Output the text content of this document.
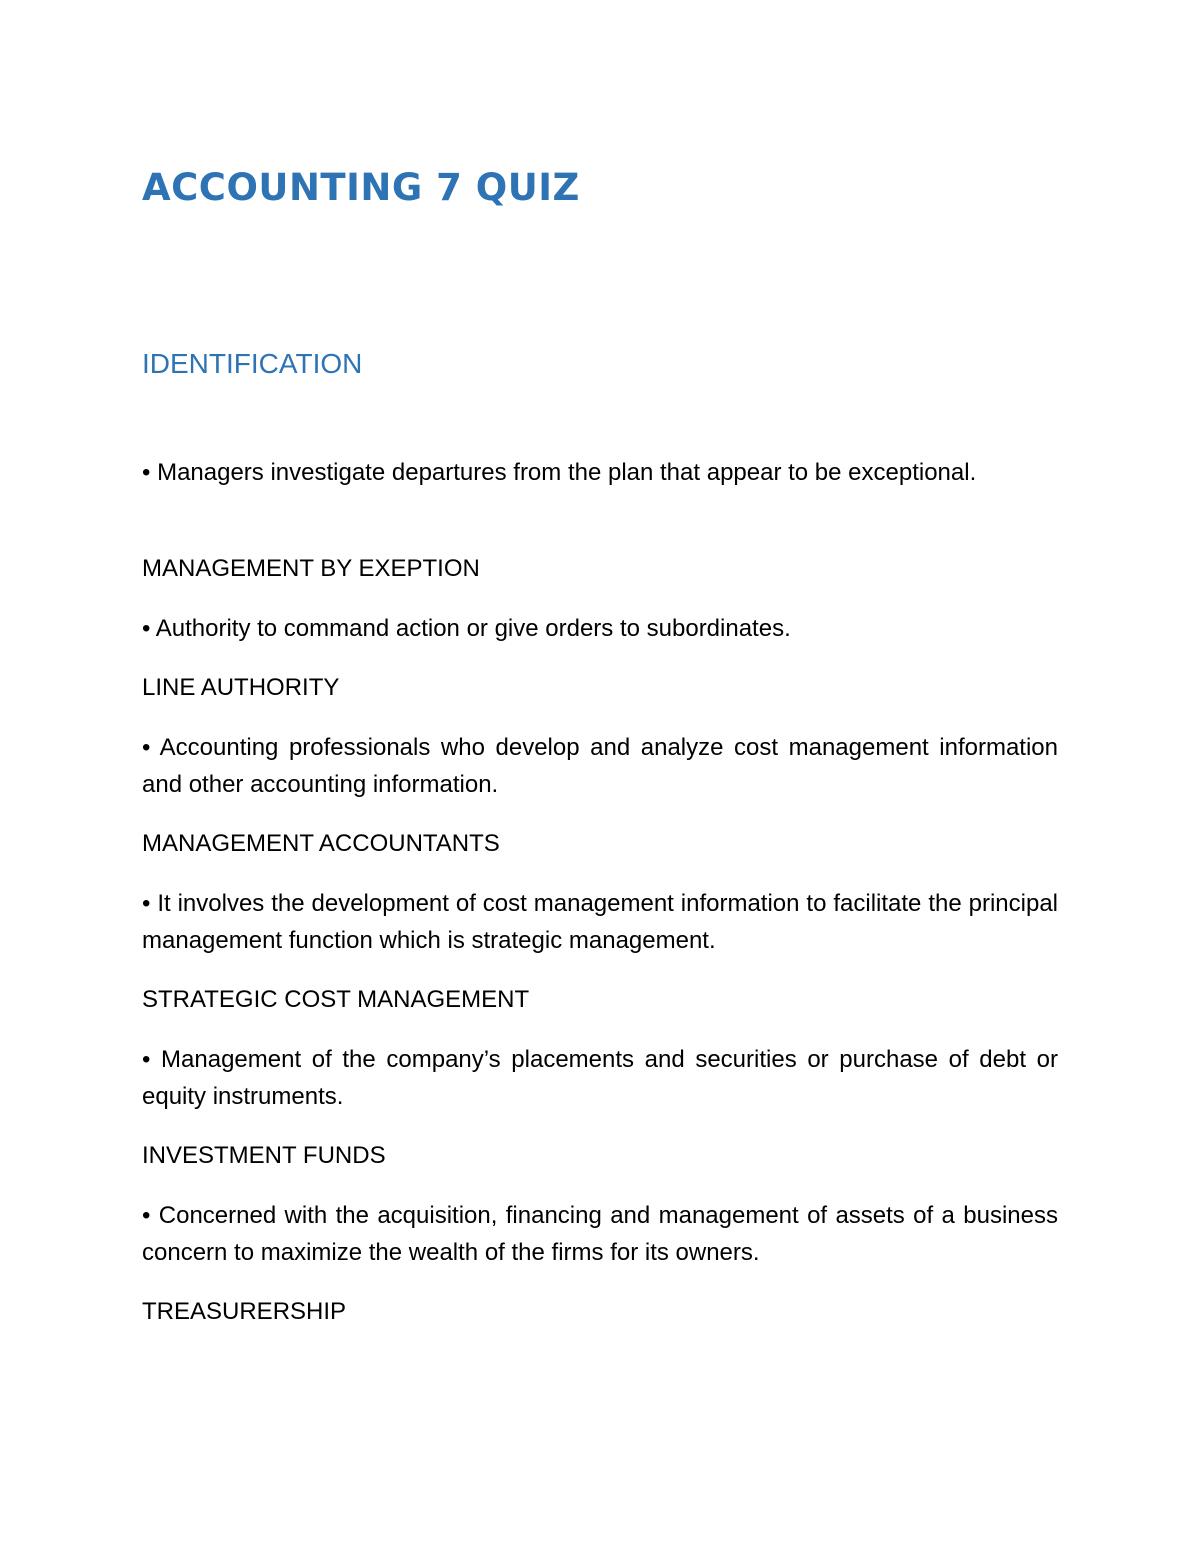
ACCOUNTING 7 QUIZ
IDENTIFICATION

• Managers investigate departures from the plan that appear to be exceptional.

MANAGEMENT BY EXEPTION

• Authority to command action or give orders to subordinates.

LINE AUTHORITY

• Accounting professionals who develop and analyze cost management information and other accounting information.

MANAGEMENT ACCOUNTANTS

• It involves the development of cost management information to facilitate the principal management function which is strategic management.

STRATEGIC COST MANAGEMENT

• Management of the company’s placements and securities or purchase of debt or equity instruments.

INVESTMENT FUNDS

• Concerned with the acquisition, financing and management of assets of a business concern to maximize the wealth of the firms for its owners.

TREASURERSHIP
